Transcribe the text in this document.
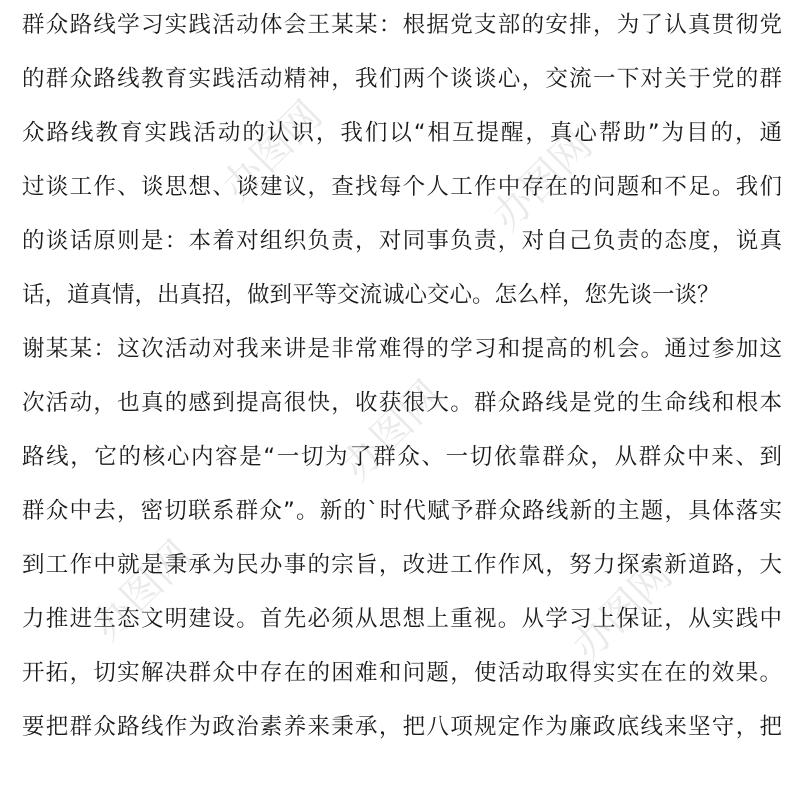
办图网	办图网
办图网
办图网	办图网
群众路线学习实践活动体会王某某：根据党支部的安排，为了认真贯彻党
的群众路线教育实践活动精神，我们两个谈谈心，交流一下对关于党的群
众路线教育实践活动的认识，我们以“相互提醒，真心帮助”为目的，通
过谈工作、谈思想、谈建议，查找每个人工作中存在的问题和不足。我们
的谈话原则是：本着对组织负责，对同事负责，对自己负责的态度，说真
话，道真情，出真招，做到平等交流诚心交心。怎么样，您先谈一谈？
谢某某：这次活动对我来讲是非常难得的学习和提高的机会。通过参加这
次活动，也真的感到提高很快，收获很大。群众路线是党的生命线和根本
路线，它的核心内容是“一切为了群众、一切依靠群众，从群众中来、到
群众中去，密切联系群众”。新的`时代赋予群众路线新的主题，具体落实
到工作中就是秉承为民办事的宗旨，改进工作作风，努力探索新道路，大
力推进生态文明建设。首先必须从思想上重视。从学习上保证，从实践中
开拓，切实解决群众中存在的困难和问题，使活动取得实实在在的效果。
要把群众路线作为政治素养来秉承，把八项规定作为廉政底线来坚守，把
